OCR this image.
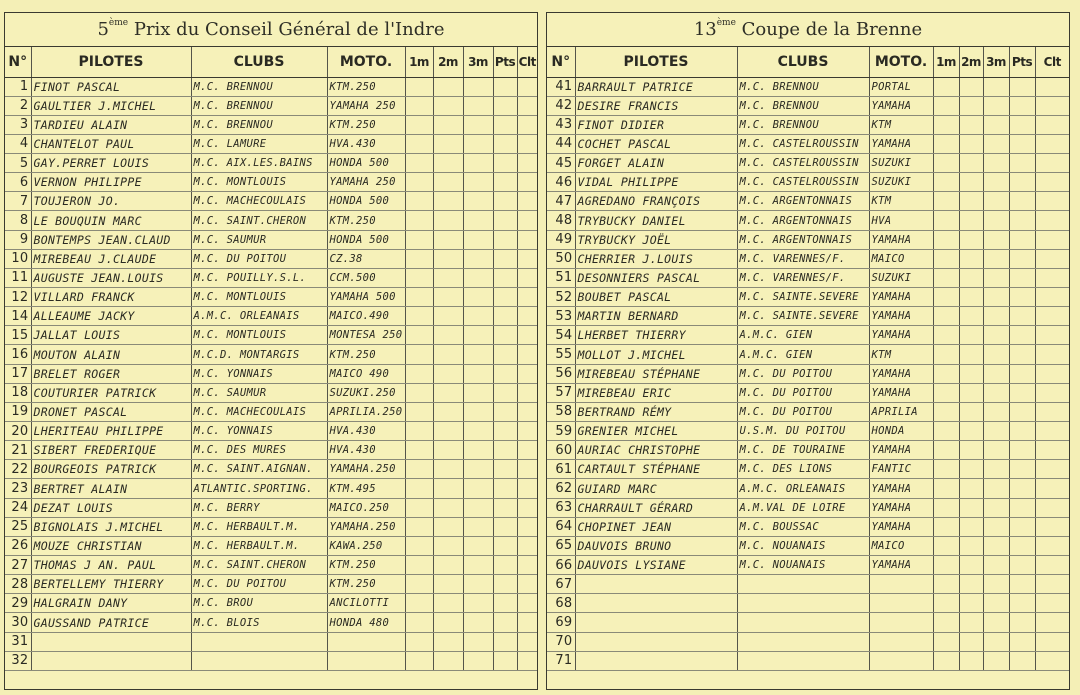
5ème Prix du Conseil Général de l'Indre
N°	PILOTES	CLUBS	MOTO.	1m	2m	3m	Pts	Clt
1	FINOT PASCAL	M.C. BRENNOU	KTM.250					
2	GAULTIER J.MICHEL	M.C. BRENNOU	YAMAHA 250					
3	TARDIEU ALAIN	M.C. BRENNOU	KTM.250					
4	CHANTELOT PAUL	M.C. LAMURE	HVA.430					
5	GAY.PERRET LOUIS	M.C. AIX.LES.BAINS	HONDA 500					
6	VERNON PHILIPPE	M.C. MONTLOUIS	YAMAHA 250					
7	TOUJERON JO.	M.C. MACHECOULAIS	HONDA 500					
8	LE BOUQUIN MARC	M.C. SAINT.CHERON	KTM.250					
9	BONTEMPS JEAN.CLAUD	M.C. SAUMUR	HONDA 500					
10	MIREBEAU J.CLAUDE	M.C. DU POITOU	CZ.38					
11	AUGUSTE JEAN.LOUIS	M.C. POUILLY.S.L.	CCM.500					
12	VILLARD FRANCK	M.C. MONTLOUIS	YAMAHA 500					
14	ALLEAUME JACKY	A.M.C. ORLEANAIS	MAICO.490					
15	JALLAT LOUIS	M.C. MONTLOUIS	MONTESA 250					
16	MOUTON ALAIN	M.C.D. MONTARGIS	KTM.250					
17	BRELET ROGER	M.C. YONNAIS	MAICO 490					
18	COUTURIER PATRICK	M.C. SAUMUR	SUZUKI.250					
19	DRONET PASCAL	M.C. MACHECOULAIS	APRILIA.250					
20	LHERITEAU PHILIPPE	M.C. YONNAIS	HVA.430					
21	SIBERT FREDERIQUE	M.C. DES MURES	HVA.430					
22	BOURGEOIS PATRICK	M.C. SAINT.AIGNAN.	YAMAHA.250					
23	BERTRET ALAIN	ATLANTIC.SPORTING.	KTM.495					
24	DEZAT LOUIS	M.C. BERRY	MAICO.250					
25	BIGNOLAIS J.MICHEL	M.C. HERBAULT.M.	YAMAHA.250					
26	MOUZE CHRISTIAN	M.C. HERBAULT.M.	KAWA.250					
27	THOMAS J AN. PAUL	M.C. SAINT.CHERON	KTM.250					
28	BERTELLEMY THIERRY	M.C. DU POITOU	KTM.250					
29	HALGRAIN DANY	M.C. BROU	ANCILOTTI					
30	GAUSSAND PATRICE	M.C. BLOIS	HONDA 480					
31								
32								
13ème Coupe de la Brenne
N°	PILOTES	CLUBS	MOTO.	1m	2m	3m	Pts	Clt
41	BARRAULT PATRICE	M.C. BRENNOU	PORTAL					
42	DESIRE FRANCIS	M.C. BRENNOU	YAMAHA					
43	FINOT DIDIER	M.C. BRENNOU	KTM					
44	COCHET PASCAL	M.C. CASTELROUSSIN	YAMAHA					
45	FORGET ALAIN	M.C. CASTELROUSSIN	SUZUKI					
46	VIDAL PHILIPPE	M.C. CASTELROUSSIN	SUZUKI					
47	AGREDANO FRANÇOIS	M.C. ARGENTONNAIS	KTM					
48	TRYBUCKY DANIEL	M.C. ARGENTONNAIS	HVA					
49	TRYBUCKY JOËL	M.C. ARGENTONNAIS	YAMAHA					
50	CHERRIER J.LOUIS	M.C. VARENNES/F.	MAICO					
51	DESONNIERS PASCAL	M.C. VARENNES/F.	SUZUKI					
52	BOUBET PASCAL	M.C. SAINTE.SEVERE	YAMAHA					
53	MARTIN BERNARD	M.C. SAINTE.SEVERE	YAMAHA					
54	LHERBET THIERRY	A.M.C. GIEN	YAMAHA					
55	MOLLOT J.MICHEL	A.M.C. GIEN	KTM					
56	MIREBEAU STÉPHANE	M.C. DU POITOU	YAMAHA					
57	MIREBEAU ERIC	M.C. DU POITOU	YAMAHA					
58	BERTRAND RÉMY	M.C. DU POITOU	APRILIA					
59	GRENIER MICHEL	U.S.M. DU POITOU	HONDA					
60	AURIAC CHRISTOPHE	M.C. DE TOURAINE	YAMAHA					
61	CARTAULT STÉPHANE	M.C. DES LIONS	FANTIC					
62	GUIARD MARC	A.M.C. ORLEANAIS	YAMAHA					
63	CHARRAULT GÉRARD	A.M.VAL DE LOIRE	YAMAHA					
64	CHOPINET JEAN	M.C. BOUSSAC	YAMAHA					
65	DAUVOIS BRUNO	M.C. NOUANAIS	MAICO					
66	DAUVOIS LYSIANE	M.C. NOUANAIS	YAMAHA					
67								
68								
69								
70								
71								
